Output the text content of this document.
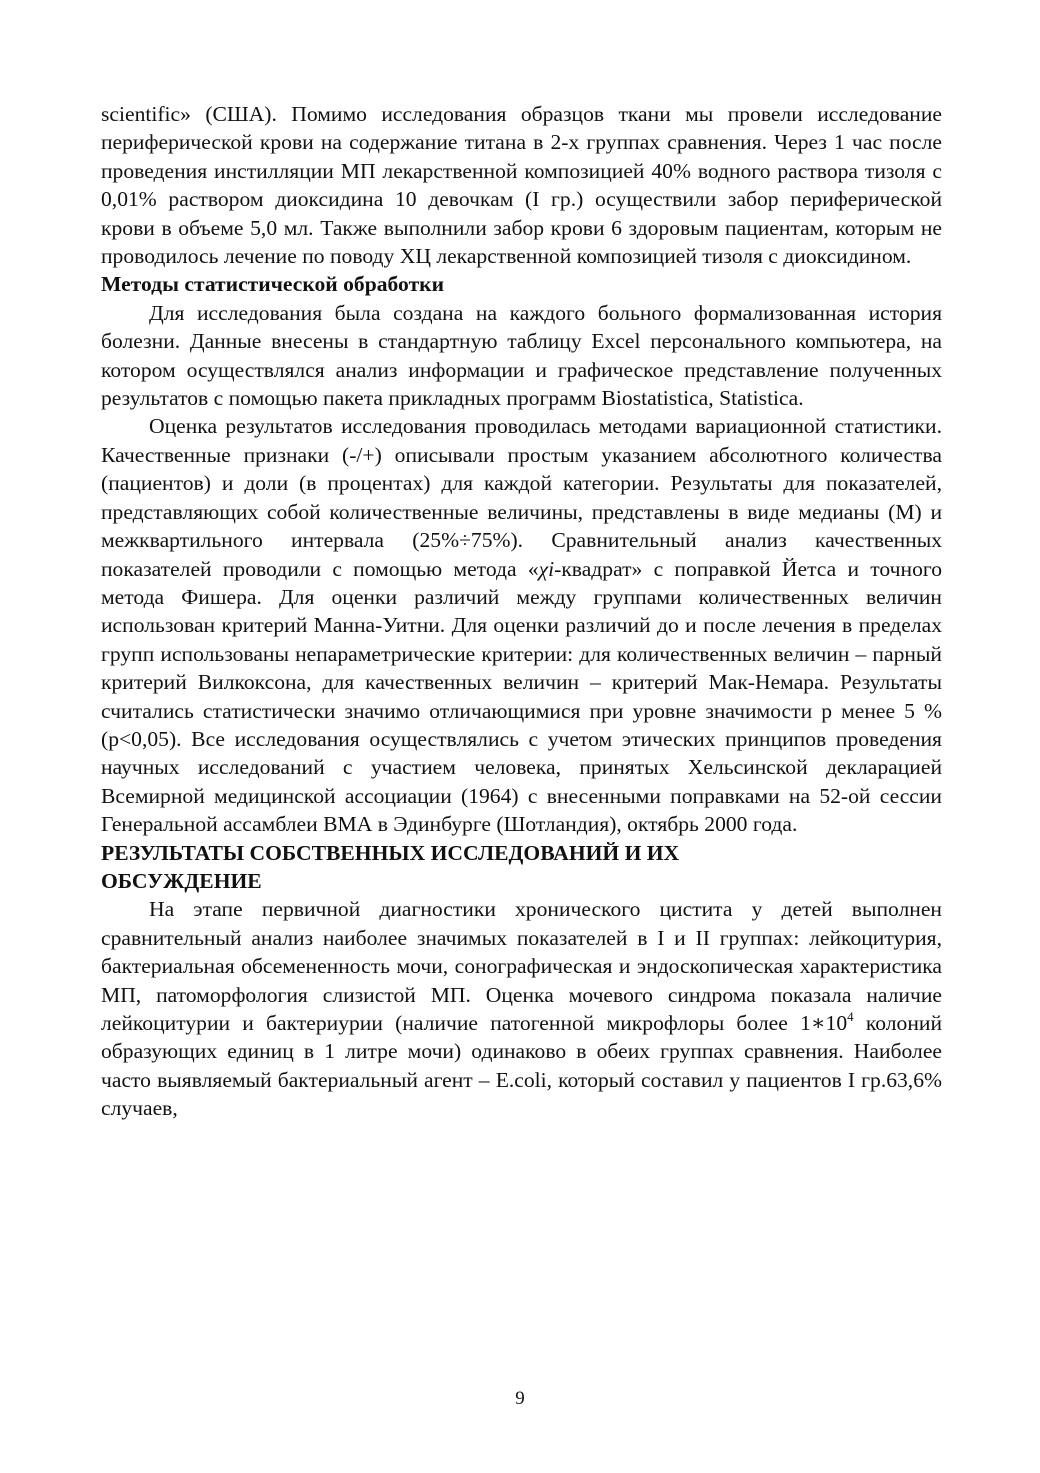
scientific» (США). Помимо исследования образцов ткани мы провели исследование периферической крови на содержание титана в 2-х группах сравнения. Через 1 час после проведения инстилляции МП лекарственной композицией 40% водного раствора тизоля с 0,01% раствором диоксидина 10 девочкам (I гр.) осуществили забор периферической крови в объеме 5,0 мл. Также выполнили забор крови 6 здоровым пациентам, которым не проводилось лечение по поводу ХЦ лекарственной композицией тизоля с диоксидином.

Методы статистической обработки

Для исследования была создана на каждого больного формализованная история болезни. Данные внесены в стандартную таблицу Excel персонального компьютера, на котором осуществлялся анализ информации и графическое представление полученных результатов с помощью пакета прикладных программ Biostatistica, Statistica.

Оценка результатов исследования проводилась методами вариационной статистики. Качественные признаки (-/+) описывали простым указанием абсолютного количества (пациентов) и доли (в процентах) для каждой категории. Результаты для показателей, представляющих собой количественные величины, представлены в виде медианы (М) и межквартильного интервала (25%÷75%). Сравнительный анализ качественных показателей проводили с помощью метода «χi-квадрат» с поправкой Йетса и точного метода Фишера. Для оценки различий между группами количественных величин использован критерий Манна-Уитни. Для оценки различий до и после лечения в пределах групп использованы непараметрические критерии: для количественных величин – парный критерий Вилкоксона, для качественных величин – критерий Мак-Немара. Результаты считались статистически значимо отличающимися при уровне значимости р менее 5 % (р<0,05). Все исследования осуществлялись с учетом этических принципов проведения научных исследований с участием человека, принятых Хельсинской декларацией Всемирной медицинской ассоциации (1964) с внесенными поправками на 52-ой сессии Генеральной ассамблеи ВМА в Эдинбурге (Шотландия), октябрь 2000 года.

РЕЗУЛЬТАТЫ СОБСТВЕННЫХ ИССЛЕДОВАНИЙ И ИХ
ОБСУЖДЕНИЕ

На этапе первичной диагностики хронического цистита у детей выполнен сравнительный анализ наиболее значимых показателей в I и II группах: лейкоцитурия, бактериальная обсемененность мочи, сонографическая и эндоскопическая характеристика МП, патоморфология слизистой МП. Оценка мочевого синдрома показала наличие лейкоцитурии и бактериурии (наличие патогенной микрофлоры более $1∗10^4$ колоний образующих единиц в 1 литре мочи) одинаково в обеих группах сравнения. Наиболее часто выявляемый бактериальный агент – E.coli, который составил у пациентов I гр.63,6% случаев,

9
